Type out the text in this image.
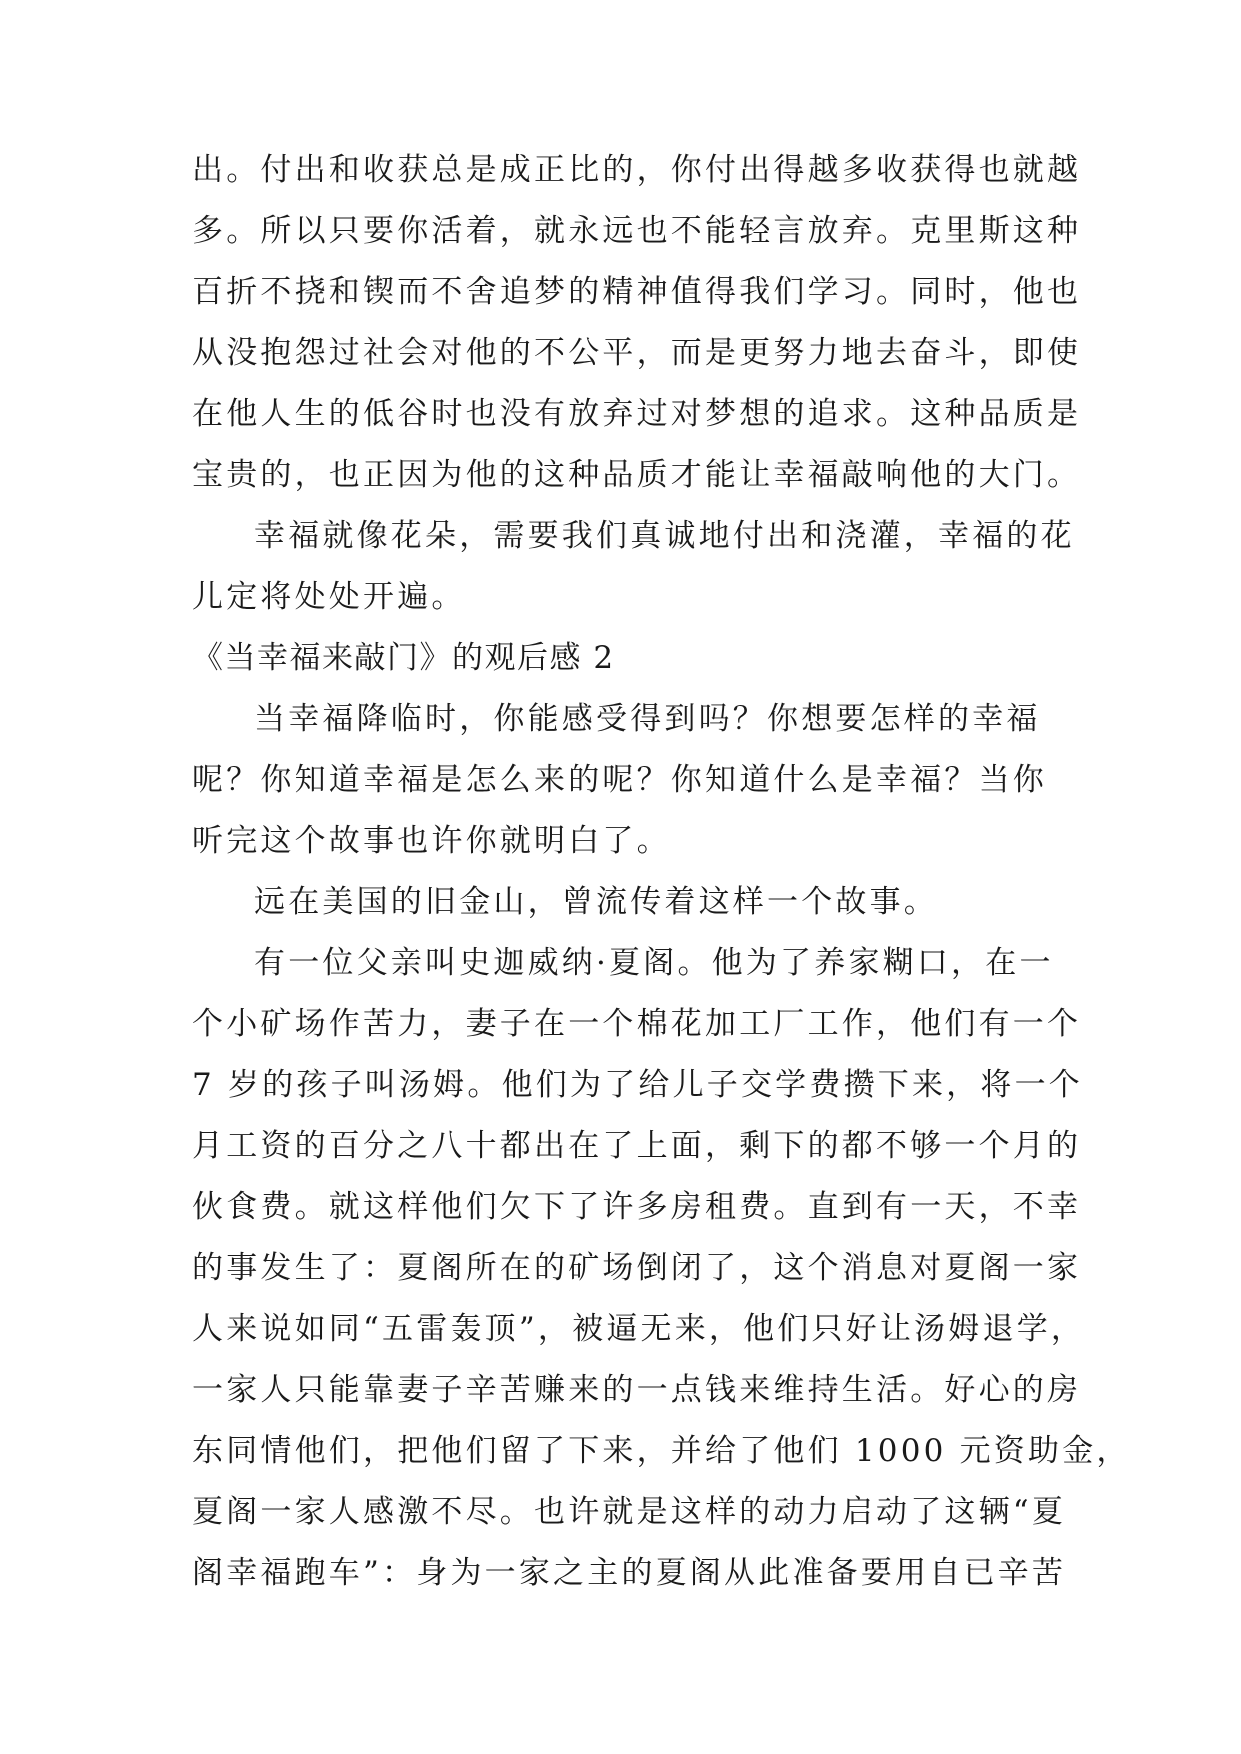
出。付出和收获总是成正比的，你付出得越多收获得也就越
多。所以只要你活着，就永远也不能轻言放弃。克里斯这种
百折不挠和锲而不舍追梦的精神值得我们学习。同时，他也
从没抱怨过社会对他的不公平，而是更努力地去奋斗，即使
在他人生的低谷时也没有放弃过对梦想的追求。这种品质是
宝贵的，也正因为他的这种品质才能让幸福敲响他的大门。
幸福就像花朵，需要我们真诚地付出和浇灌，幸福的花
儿定将处处开遍。
《当幸福来敲门》的观后感 2
当幸福降临时，你能感受得到吗？你想要怎样的幸福
呢？你知道幸福是怎么来的呢？你知道什么是幸福？当你
听完这个故事也许你就明白了。
远在美国的旧金山，曾流传着这样一个故事。
有一位父亲叫史迦威纳·夏阁。他为了养家糊口，在一
个小矿场作苦力，妻子在一个棉花加工厂工作，他们有一个
7 岁的孩子叫汤姆。他们为了给儿子交学费攒下来，将一个
月工资的百分之八十都出在了上面，剩下的都不够一个月的
伙食费。就这样他们欠下了许多房租费。直到有一天，不幸
的事发生了：夏阁所在的矿场倒闭了，这个消息对夏阁一家
人来说如同“五雷轰顶”，被逼无来，他们只好让汤姆退学，
一家人只能靠妻子辛苦赚来的一点钱来维持生活。好心的房
东同情他们，把他们留了下来，并给了他们 1000 元资助金，
夏阁一家人感激不尽。也许就是这样的动力启动了这辆“夏
阁幸福跑车”：身为一家之主的夏阁从此准备要用自已辛苦
